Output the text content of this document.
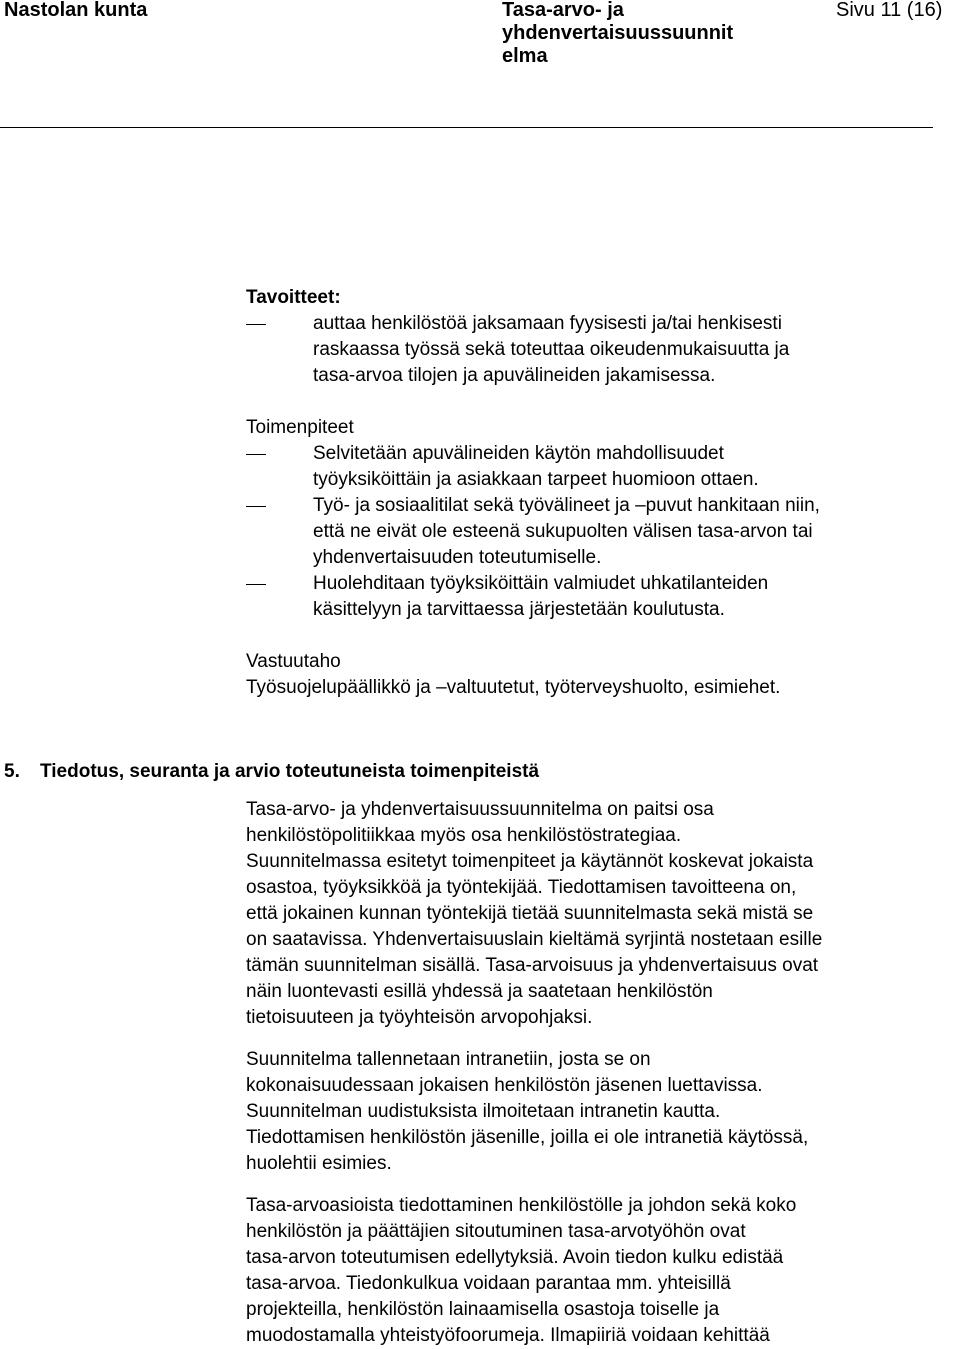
Nastolan kunta	Tasa-arvo- ja
yhdenvertaisuussuunnit
elma
Sivu 11 (16)
Tavoitteet:
auttaa henkilöstöä jaksamaan fyysisesti ja/tai henkisesti
raskaassa työssä sekä toteuttaa oikeudenmukaisuutta ja
tasa-arvoa tilojen ja apuvälineiden jakamisessa.
Toimenpiteet
Selvitetään apuvälineiden käytön mahdollisuudet
työyksiköittäin ja asiakkaan tarpeet huomioon ottaen.
Työ- ja sosiaalitilat sekä työvälineet ja –puvut hankitaan niin,
että ne eivät ole esteenä sukupuolten välisen tasa-arvon tai
yhdenvertaisuuden toteutumiselle.
Huolehditaan työyksiköittäin valmiudet uhkatilanteiden
käsittelyyn ja tarvittaessa järjestetään koulutusta.
Vastuutaho
Työsuojelupäällikkö ja –valtuutetut, työterveyshuolto, esimiehet.
5. Tiedotus, seuranta ja arvio toteutuneista toimenpiteistä
Tasa-arvo- ja yhdenvertaisuussuunnitelma on paitsi osa
henkilöstöpolitiikkaa myös osa henkilöstöstrategiaa.
Suunnitelmassa esitetyt toimenpiteet ja käytännöt koskevat jokaista
osastoa, työyksikköä ja työntekijää. Tiedottamisen tavoitteena on,
että jokainen kunnan työntekijä tietää suunnitelmasta sekä mistä se
on saatavissa. Yhdenvertaisuuslain kieltämä syrjintä nostetaan esille
tämän suunnitelman sisällä. Tasa-arvoisuus ja yhdenvertaisuus ovat
näin luontevasti esillä yhdessä ja saatetaan henkilöstön
tietoisuuteen ja työyhteisön arvopohjaksi.
Suunnitelma tallennetaan intranetiin, josta se on
kokonaisuudessaan jokaisen henkilöstön jäsenen luettavissa.
Suunnitelman uudistuksista ilmoitetaan intranetin kautta.
Tiedottamisen henkilöstön jäsenille, joilla ei ole intranetiä käytössä,
huolehtii esimies.
Tasa-arvoasioista tiedottaminen henkilöstölle ja johdon sekä koko
henkilöstön ja päättäjien sitoutuminen tasa-arvotyöhön ovat
tasa-arvon toteutumisen edellytyksiä. Avoin tiedon kulku edistää
tasa-arvoa. Tiedonkulkua voidaan parantaa mm. yhteisillä
projekteilla, henkilöstön lainaamisella osastoja toiselle ja
muodostamalla yhteistyöfoorumeja. Ilmapiiriä voidaan kehittää
